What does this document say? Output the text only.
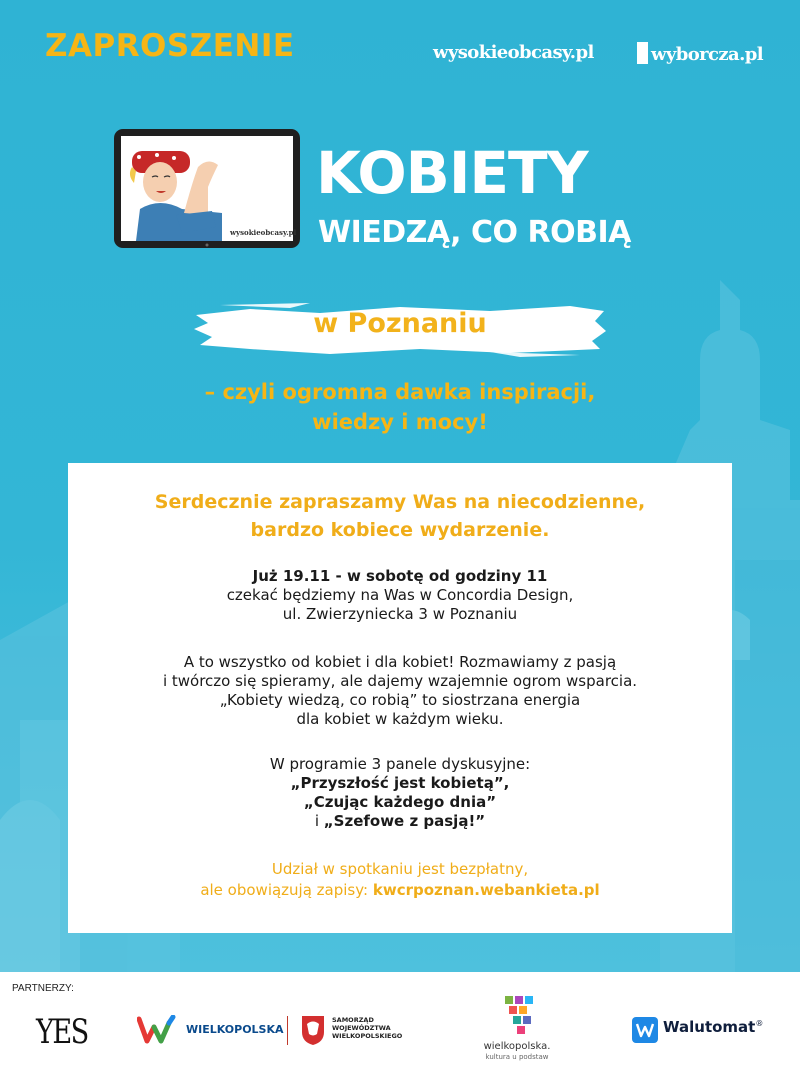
ZAPROSZENIE	wysokieobcasy.pl	wyborcza.pl
wysokieobcasy.pl
KOBIETY
WIEDZĄ, CO ROBIĄ
w Poznaniu
– czyli ogromna dawka inspiracji,
wiedzy i mocy!
Serdecznie zapraszamy Was na niecodzienne,
bardzo kobiece wydarzenie.
Już 19.11 - w sobotę od godziny 11
czekać będziemy na Was w Concordia Design,
ul. Zwierzyniecka 3 w Poznaniu
A to wszystko od kobiet i dla kobiet! Rozmawiamy z pasją
i twórczo się spieramy, ale dajemy wzajemnie ogrom wsparcia.
„Kobiety wiedzą, co robią” to siostrzana energia
dla kobiet w każdym wieku.
W programie 3 panele dyskusyjne:
„Przyszłość jest kobietą”,
„Czując każdego dnia”
i „Szefowe z pasją!”
Udział w spotkaniu jest bezpłatny,
ale obowiązują zapisy: kwcrpoznan.webankieta.pl
PARTNERZY:
YES	WIELKOPOLSKA
SAMORZĄD
WOJEWÓDZTWA
WIELKOPOLSKIEGO
wielkopolska.
kultura u podstaw
Walutomat®
